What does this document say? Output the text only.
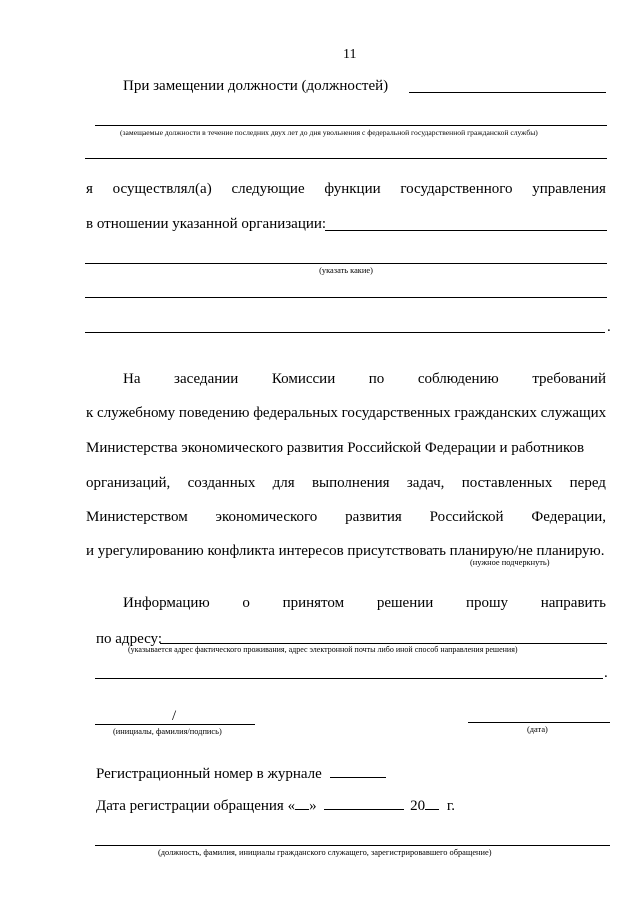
11
При замещении должности (должностей)
(замещаемые должности в течение последних двух лет до дня увольнения с федеральной государственной гражданской службы)
я осуществлял(а) следующие функции государственного управления
в отношении указанной организации:
(указать какие)
.
На заседании Комиссии по соблюдению требований
к служебному поведению федеральных государственных гражданских служащих
Министерства экономического развития Российской Федерации и работников
организаций, созданных для выполнения задач, поставленных перед
Министерством экономического развития Российской Федерации,
и урегулированию конфликта интересов присутствовать планирую/не планирую.
(нужное подчеркнуть)
Информацию о принятом решении прошу направить
по адресу:
(указывается адрес фактического проживания, адрес электронной почты либо иной способ направления решения)
.
/
(инициалы, фамилия/подпись)	(дата)
Регистрационный номер в журнале
Дата регистрации обращения « »	20 г.
(должность, фамилия, инициалы гражданского служащего, зарегистрировавшего обращение)
